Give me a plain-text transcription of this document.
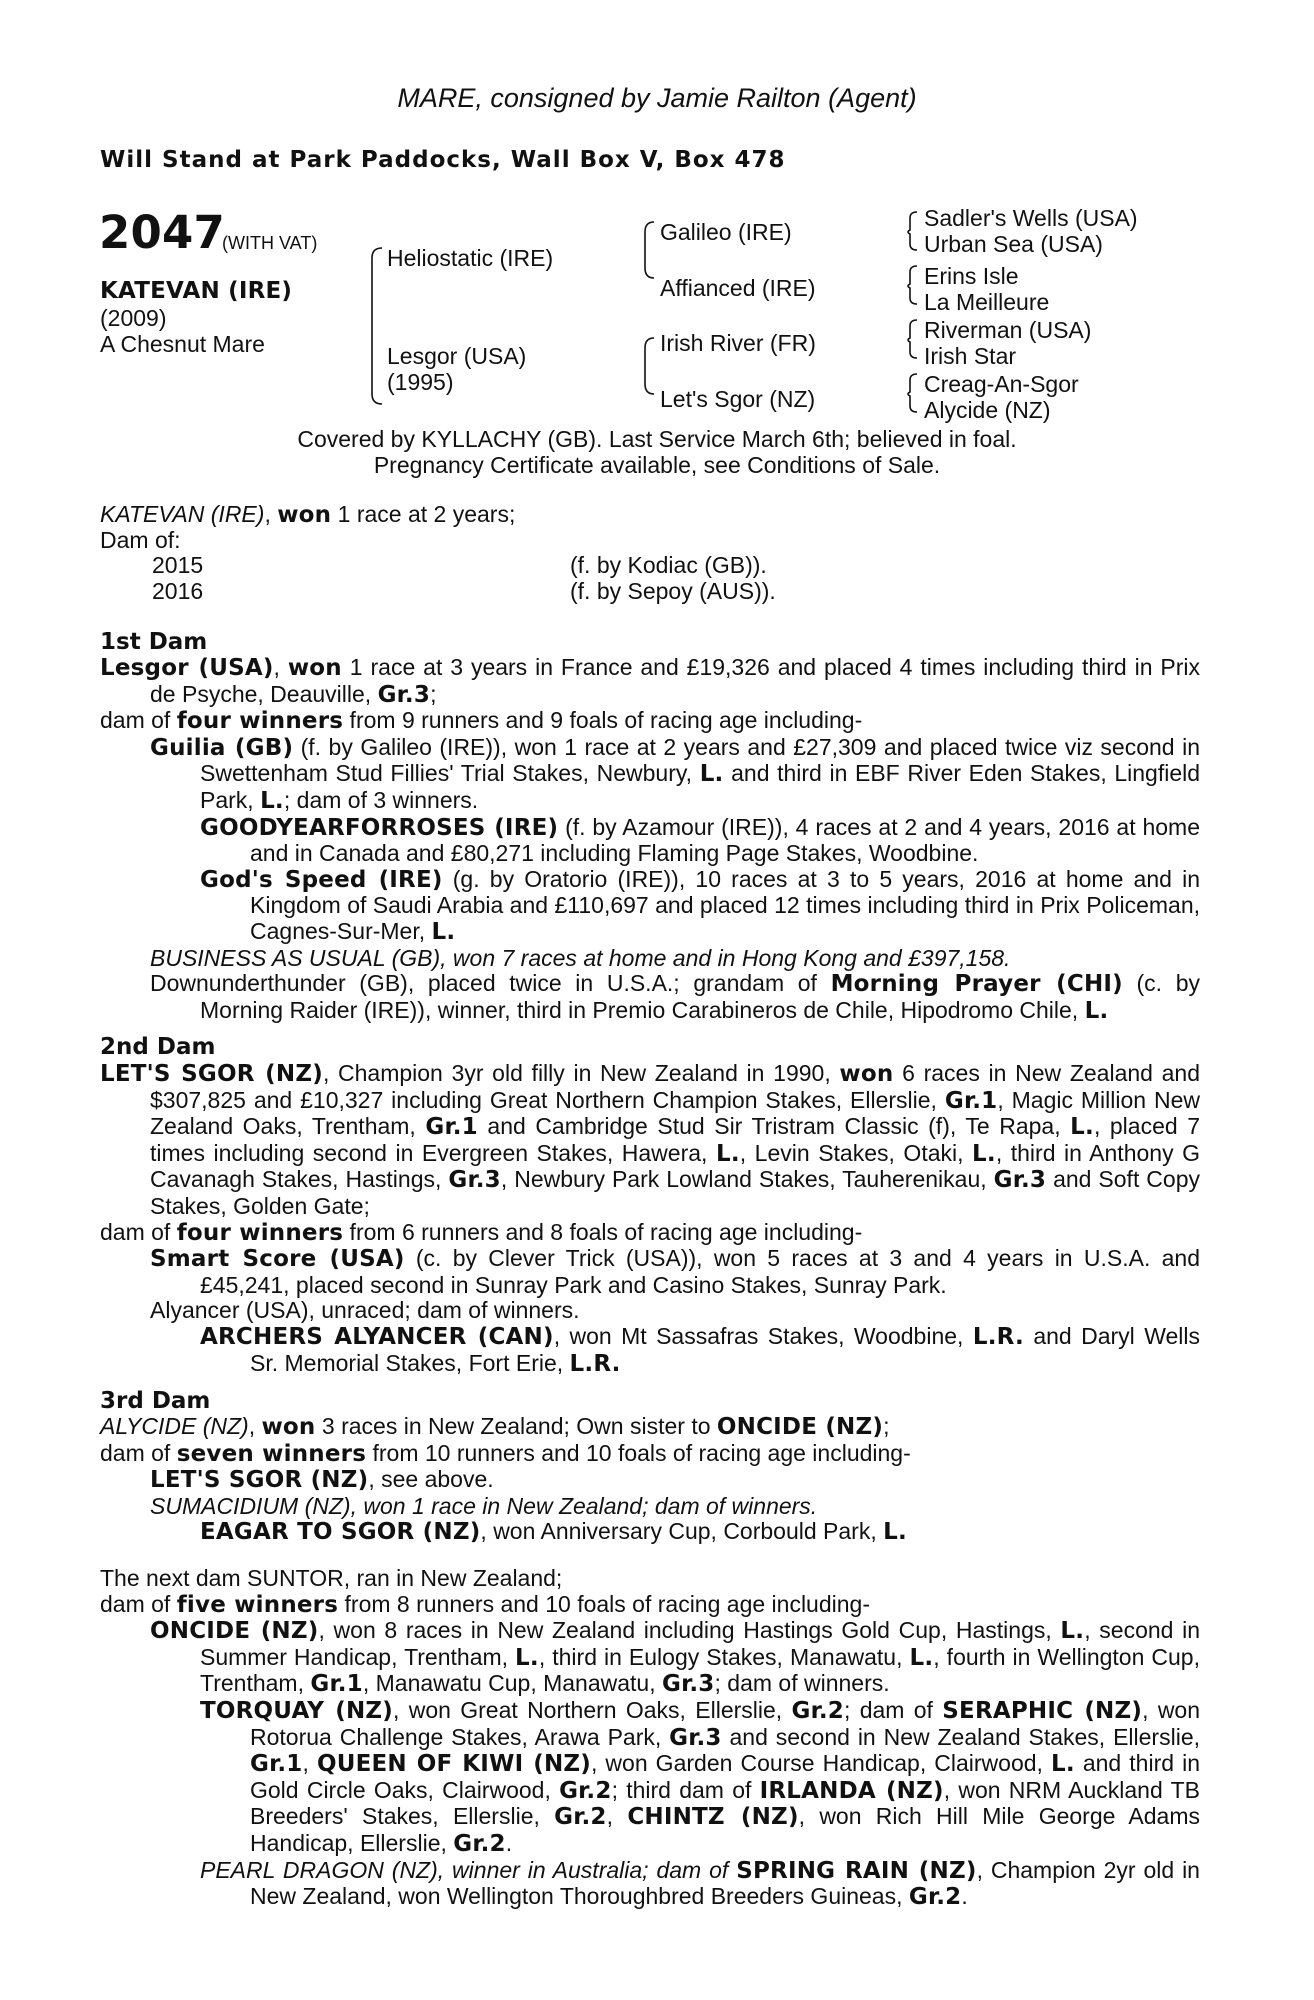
MARE, consigned by Jamie Railton (Agent)
Will Stand at Park Paddocks, Wall Box V, Box 478
2047
(WITH VAT)
KATEVAN (IRE)
(2009)
A Chesnut Mare
Heliostatic (IRE)
Lesgor (USA)
(1995)
Galileo (IRE)
Affianced (IRE)
Irish River (FR)
Let's Sgor (NZ)
Sadler's Wells (USA)
Urban Sea (USA)
Erins Isle
La Meilleure
Riverman (USA)
Irish Star
Creag-An-Sgor
Alycide (NZ)
Covered by KYLLACHY (GB). Last Service March 6th; believed in foal.
Pregnancy Certificate available, see Conditions of Sale.
KATEVAN (IRE), won 1 race at 2 years;
Dam of:
2015	(f. by Kodiac (GB)).
2016	(f. by Sepoy (AUS)).
1st Dam
Lesgor (USA), won 1 race at 3 years in France and £19,326 and placed 4 times including third in Prix de Psyche, Deauville, Gr.3;
dam of four winners from 9 runners and 9 foals of racing age including-
Guilia (GB) (f. by Galileo (IRE)), won 1 race at 2 years and £27,309 and placed twice viz second in Swettenham Stud Fillies' Trial Stakes, Newbury, L. and third in EBF River Eden Stakes, Lingfield Park, L.; dam of 3 winners.
GOODYEARFORROSES (IRE) (f. by Azamour (IRE)), 4 races at 2 and 4 years, 2016 at home and in Canada and £80,271 including Flaming Page Stakes, Woodbine.
God's Speed (IRE) (g. by Oratorio (IRE)), 10 races at 3 to 5 years, 2016 at home and in Kingdom of Saudi Arabia and £110,697 and placed 12 times including third in Prix Policeman, Cagnes-Sur-Mer, L.
BUSINESS AS USUAL (GB), won 7 races at home and in Hong Kong and £397,158.
Downunderthunder (GB), placed twice in U.S.A.; grandam of Morning Prayer (CHI) (c. by Morning Raider (IRE)), winner, third in Premio Carabineros de Chile, Hipodromo Chile, L.
2nd Dam
LET'S SGOR (NZ), Champion 3yr old filly in New Zealand in 1990, won 6 races in New Zealand and $307,825 and £10,327 including Great Northern Champion Stakes, Ellerslie, Gr.1, Magic Million New Zealand Oaks, Trentham, Gr.1 and Cambridge Stud Sir Tristram Classic (f), Te Rapa, L., placed 7 times including second in Evergreen Stakes, Hawera, L., Levin Stakes, Otaki, L., third in Anthony G Cavanagh Stakes, Hastings, Gr.3, Newbury Park Lowland Stakes, Tauherenikau, Gr.3 and Soft Copy Stakes, Golden Gate;
dam of four winners from 6 runners and 8 foals of racing age including-
Smart Score (USA) (c. by Clever Trick (USA)), won 5 races at 3 and 4 years in U.S.A. and £45,241, placed second in Sunray Park and Casino Stakes, Sunray Park.
Alyancer (USA), unraced; dam of winners.
ARCHERS ALYANCER (CAN), won Mt Sassafras Stakes, Woodbine, L.R. and Daryl Wells Sr. Memorial Stakes, Fort Erie, L.R.
3rd Dam
ALYCIDE (NZ), won 3 races in New Zealand; Own sister to ONCIDE (NZ);
dam of seven winners from 10 runners and 10 foals of racing age including-
LET'S SGOR (NZ), see above.
SUMACIDIUM (NZ), won 1 race in New Zealand; dam of winners.
EAGAR TO SGOR (NZ), won Anniversary Cup, Corbould Park, L.
The next dam SUNTOR, ran in New Zealand;
dam of five winners from 8 runners and 10 foals of racing age including-
ONCIDE (NZ), won 8 races in New Zealand including Hastings Gold Cup, Hastings, L., second in Summer Handicap, Trentham, L., third in Eulogy Stakes, Manawatu, L., fourth in Wellington Cup, Trentham, Gr.1, Manawatu Cup, Manawatu, Gr.3; dam of winners.
TORQUAY (NZ), won Great Northern Oaks, Ellerslie, Gr.2; dam of SERAPHIC (NZ), won Rotorua Challenge Stakes, Arawa Park, Gr.3 and second in New Zealand Stakes, Ellerslie, Gr.1, QUEEN OF KIWI (NZ), won Garden Course Handicap, Clairwood, L. and third in Gold Circle Oaks, Clairwood, Gr.2; third dam of IRLANDA (NZ), won NRM Auckland TB Breeders' Stakes, Ellerslie, Gr.2, CHINTZ (NZ), won Rich Hill Mile George Adams Handicap, Ellerslie, Gr.2.
PEARL DRAGON (NZ), winner in Australia; dam of SPRING RAIN (NZ), Champion 2yr old in New Zealand, won Wellington Thoroughbred Breeders Guineas, Gr.2.
